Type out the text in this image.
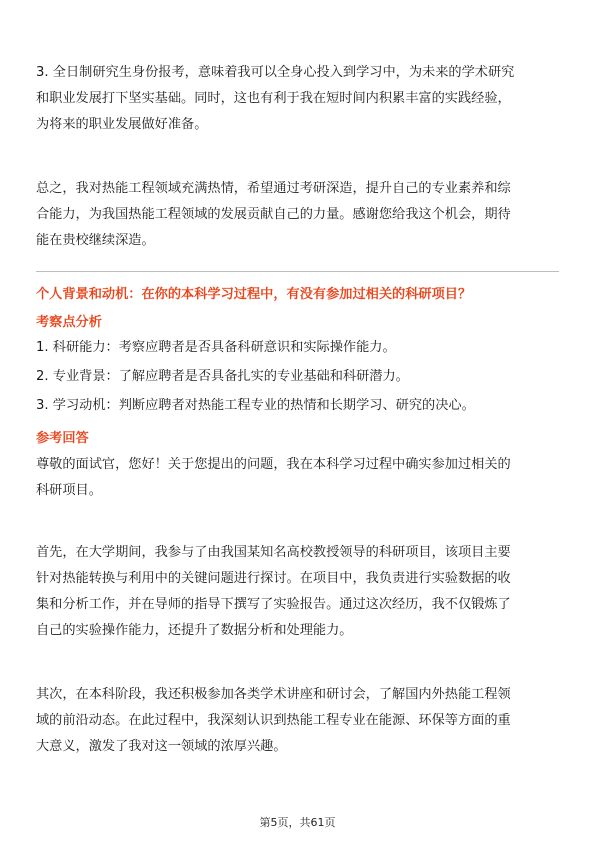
3. 全日制研究生身份报考，意味着我可以全身心投入到学习中，为未来的学术研究
和职业发展打下坚实基础。同时，这也有利于我在短时间内积累丰富的实践经验，
为将来的职业发展做好准备。
总之，我对热能工程领域充满热情，希望通过考研深造，提升自己的专业素养和综
合能力，为我国热能工程领域的发展贡献自己的力量。感谢您给我这个机会，期待
能在贵校继续深造。
个人背景和动机：在你的本科学习过程中，有没有参加过相关的科研项目？
考察点分析
1. 科研能力：考察应聘者是否具备科研意识和实际操作能力。
2. 专业背景：了解应聘者是否具备扎实的专业基础和科研潜力。
3. 学习动机：判断应聘者对热能工程专业的热情和长期学习、研究的决心。
参考回答
尊敬的面试官，您好！关于您提出的问题，我在本科学习过程中确实参加过相关的
科研项目。
首先，在大学期间，我参与了由我国某知名高校教授领导的科研项目，该项目主要
针对热能转换与利用中的关键问题进行探讨。在项目中，我负责进行实验数据的收
集和分析工作，并在导师的指导下撰写了实验报告。通过这次经历，我不仅锻炼了
自己的实验操作能力，还提升了数据分析和处理能力。
其次，在本科阶段，我还积极参加各类学术讲座和研讨会，了解国内外热能工程领
域的前沿动态。在此过程中，我深刻认识到热能工程专业在能源、环保等方面的重
大意义，激发了我对这一领域的浓厚兴趣。
第5页，共61页
